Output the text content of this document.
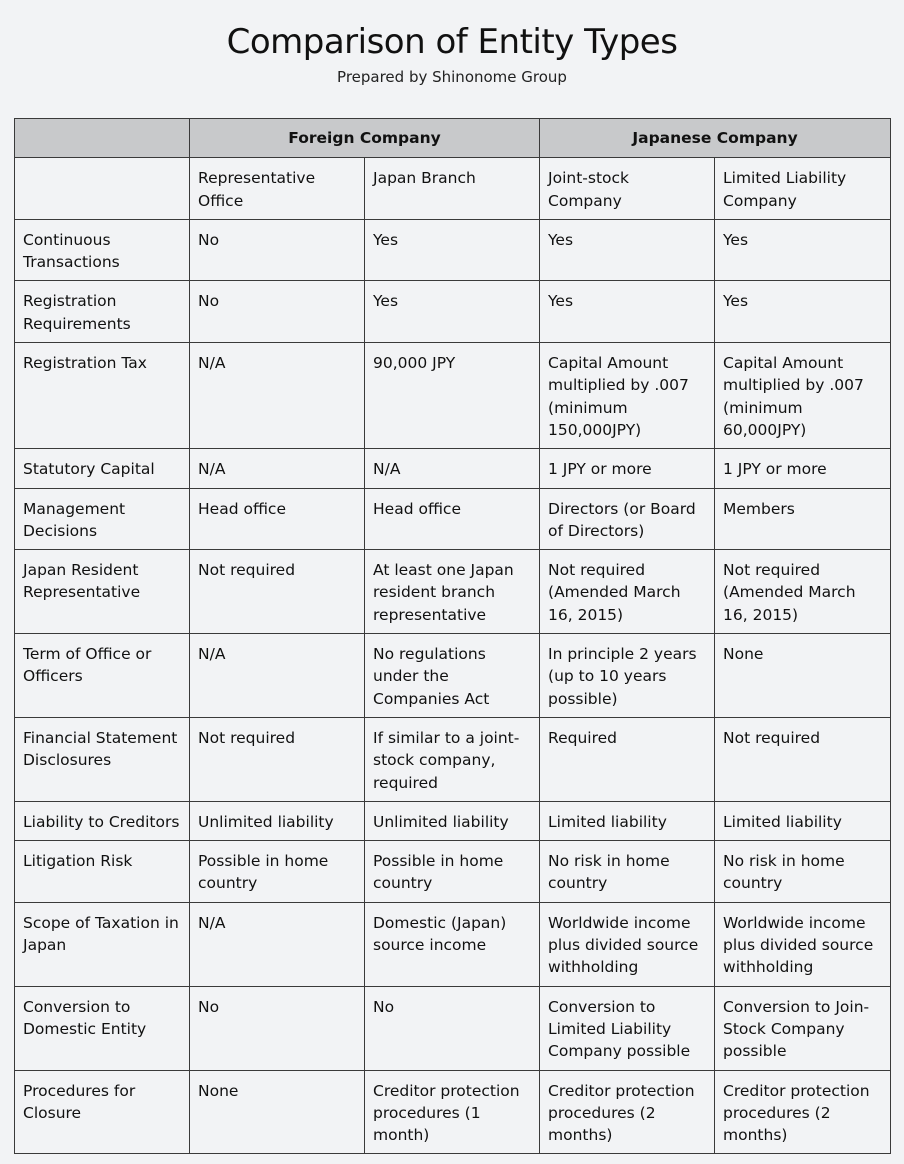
Comparison of Entity Types
Prepared by Shinonome Group
	Foreign Company		Japanese Company	
	Representative Office	Japan Branch	Joint-stock Company	Limited Liability Company
Continuous Transactions	No	Yes	Yes	Yes
Registration Requirements	No	Yes	Yes	Yes
Registration Tax	N/A	90,000 JPY	Capital Amount multiplied by .007 (minimum 150,000JPY)	Capital Amount multiplied by .007 (minimum 60,000JPY)
Statutory Capital	N/A	N/A	1 JPY or more	1 JPY or more
Management Decisions	Head office	Head office	Directors (or Board of Directors)	Members
Japan Resident Representative	Not required	At least one Japan resident branch representative	Not required (Amended March 16, 2015)	Not required (Amended March 16, 2015)
Term of Office or Officers	N/A	No regulations under the Companies Act	In principle 2 years (up to 10 years possible)	None
Financial Statement Disclosures	Not required	If similar to a joint-stock company, required	Required	Not required
Liability to Creditors	Unlimited liability	Unlimited liability	Limited liability	Limited liability
Litigation Risk	Possible in home country	Possible in home country	No risk in home country	No risk in home country
Scope of Taxation in Japan	N/A	Domestic (Japan) source income	Worldwide income plus divided source withholding	Worldwide income plus divided source withholding
Conversion to Domestic Entity	No	No	Conversion to Limited Liability Company possible	Conversion to Join-Stock Company possible
Procedures for Closure	None	Creditor protection procedures (1 month)	Creditor protection procedures (2 months)	Creditor protection procedures (2 months)
